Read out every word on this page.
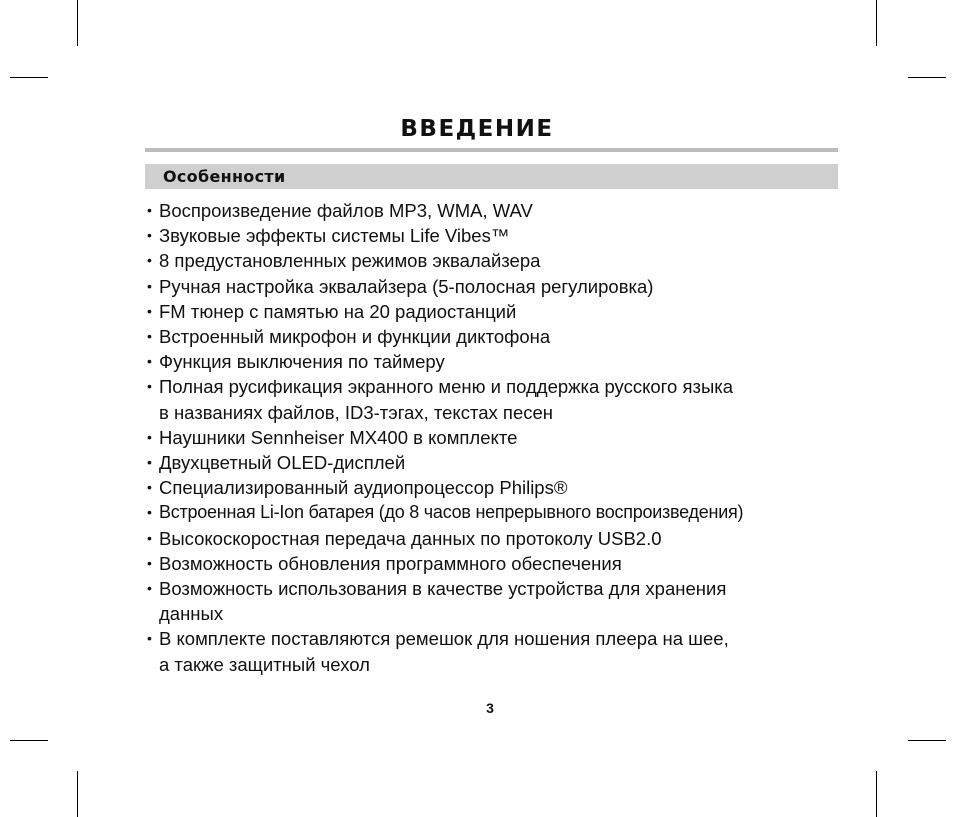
ВВЕДЕНИЕ
Особенности
• Воспроизведение файлов MP3, WMA, WAV
• Звуковые эффекты системы Life Vibes™
• 8 предустановленных режимов эквалайзера
• Ручная настройка эквалайзера (5-полосная регулировка)
• FM тюнер с памятью на 20 радиостанций
• Встроенный микрофон и функции диктофона
• Функция выключения по таймеру
• Полная русификация экранного меню и поддержка русского языка
в названиях файлов, ID3-тэгах, текстах песен
• Наушники Sennheiser MX400 в комплекте
• Двухцветный OLED-дисплей
• Специализированный аудиопроцессор Philips®
• Встроенная Li-Ion батарея (до 8 часов непрерывного воспроизведения)
• Высокоскоростная передача данных по протоколу USB2.0
• Возможность обновления программного обеспечения
• Возможность использования в качестве устройства для хранения
данных
• В комплекте поставляются ремешок для ношения плеера на шее,
а также защитный чехол
3
